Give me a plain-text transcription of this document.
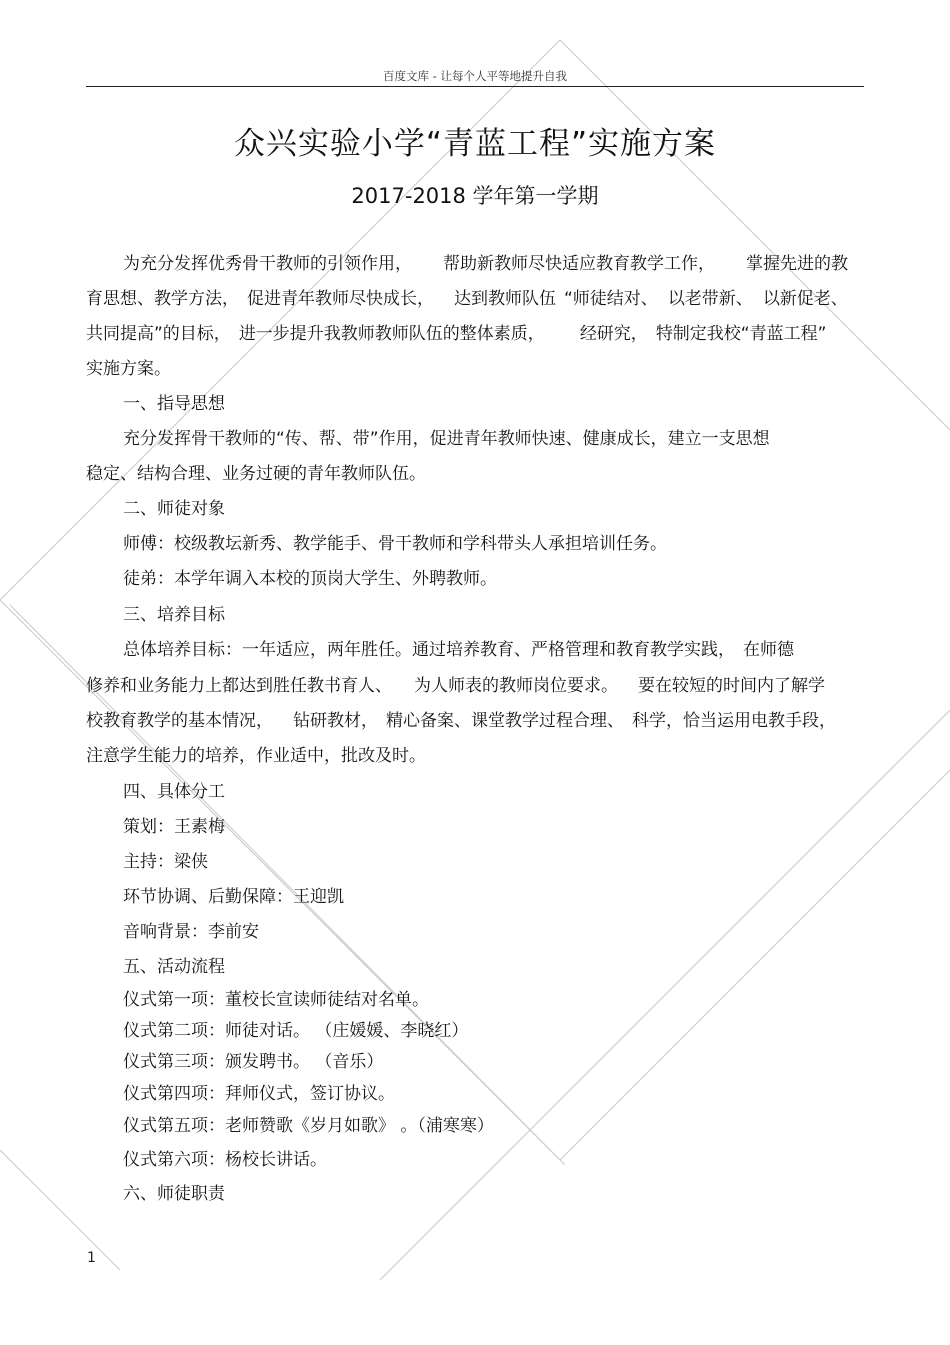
百度文库 - 让每个人平等地提升自我
众兴实验小学“青蓝工程”实施方案
2017-2018 学年第一学期
为充分发挥优秀骨干教师的引领作用， 帮助新教师尽快适应教育教学工作， 掌握先进的教
育思想、教学方法， 促进青年教师尽快成长， 达到教师队伍 “师徒结对、 以老带新、 以新促老、
共同提高”的目标， 进一步提升我教师教师队伍的整体素质， 经研究， 特制定我校“青蓝工程”
实施方案。
一、指导思想
充分发挥骨干教师的“传、帮、带”作用，促进青年教师快速、健康成长，建立一支思想
稳定、结构合理、业务过硬的青年教师队伍。
二、师徒对象
师傅：校级教坛新秀、教学能手、骨干教师和学科带头人承担培训任务。
徒弟：本学年调入本校的顶岗大学生、外聘教师。
三、培养目标
总体培养目标：一年适应，两年胜任。通过培养教育、严格管理和教育教学实践， 在师德
修养和业务能力上都达到胜任教书育人、 为人师表的教师岗位要求。 要在较短的时间内了解学
校教育教学的基本情况， 钻研教材， 精心备案、课堂教学过程合理、 科学，恰当运用电教手段，
注意学生能力的培养，作业适中，批改及时。
四、具体分工
策划：王素梅
主持：梁侠
环节协调、后勤保障：王迎凯
音响背景：李前安
五、活动流程
仪式第一项：董校长宣读师徒结对名单。
仪式第二项：师徒对话。 （庄媛媛、李晓红）
仪式第三项：颁发聘书。 （音乐）
仪式第四项：拜师仪式，签订协议。
仪式第五项：老师赞歌《岁月如歌》 。（浦寒寒）
仪式第六项：杨校长讲话。
六、师徒职责
1
